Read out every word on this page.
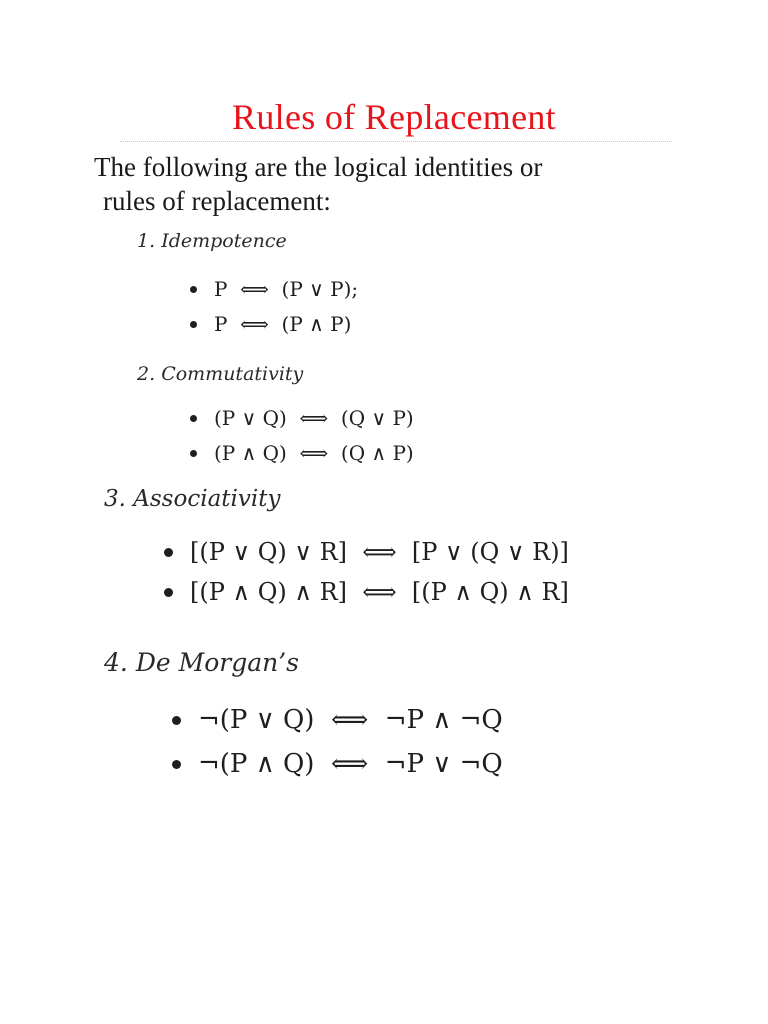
Rules of Replacement
The following are the logical identities or
rules of replacement:
1. Idempotence
P  ⟺  (P ∨ P);
P  ⟺  (P ∧ P)
2. Commutativity
(P ∨ Q)  ⟺  (Q ∨ P)
(P ∧ Q)  ⟺  (Q ∧ P)
3. Associativity
[(P ∨ Q) ∨ R]  ⟺  [P ∨ (Q ∨ R)]
[(P ∧ Q) ∧ R]  ⟺  [(P ∧ Q) ∧ R]
4. De Morgan’s
¬(P ∨ Q)  ⟺  ¬P ∧ ¬Q
¬(P ∧ Q)  ⟺  ¬P ∨ ¬Q
